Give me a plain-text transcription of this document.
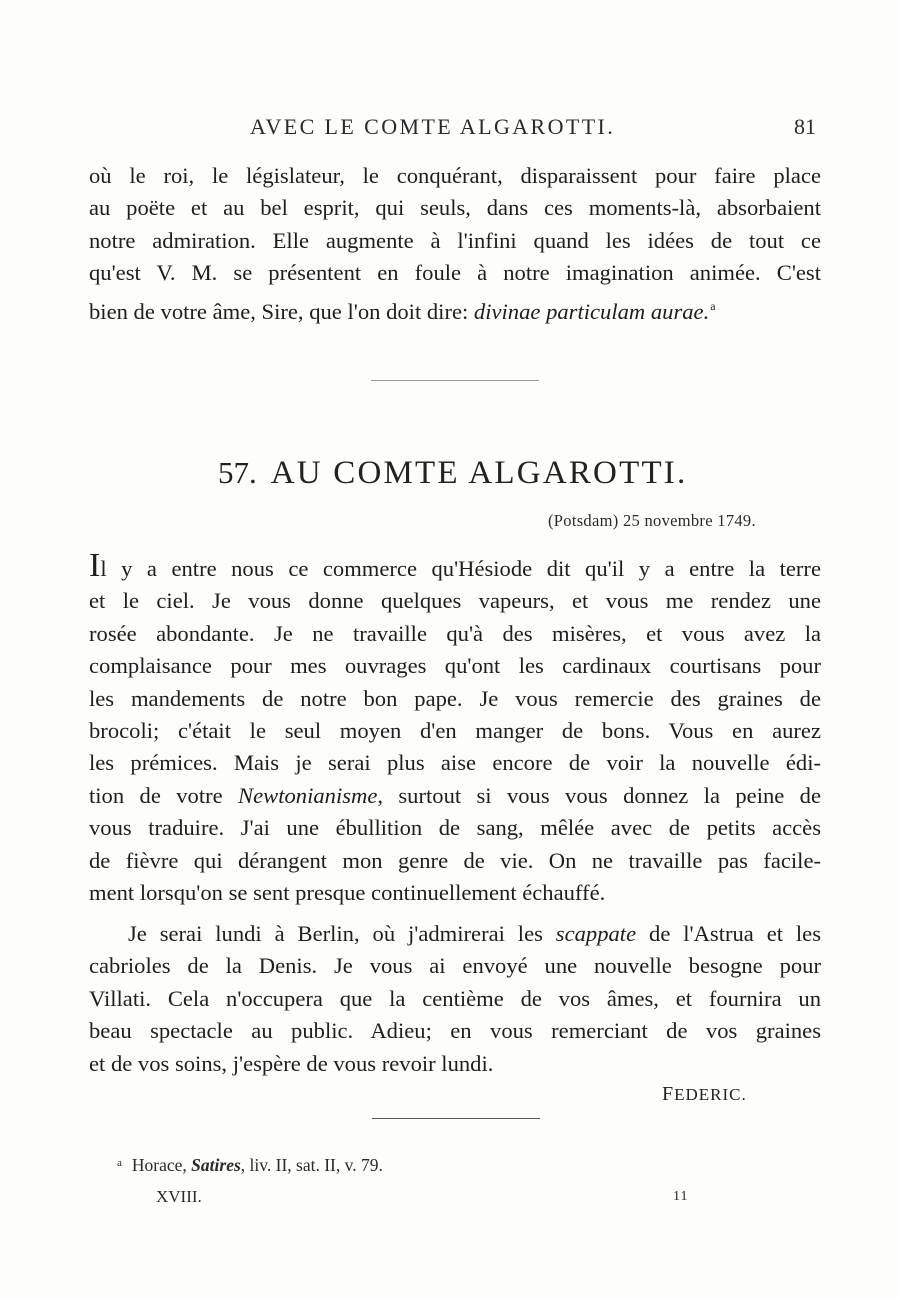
AVEC LE COMTE ALGAROTTI.	81
où le roi, le législateur, le conquérant, disparaissent pour faire place
au poëte et au bel esprit, qui seuls, dans ces moments-là, absorbaient
notre admiration. Elle augmente à l'infini quand les idées de tout ce
qu'est V. M. se présentent en foule à notre imagination animée. C'est
bien de votre âme, Sire, que l'on doit dire: divinae particulam aurae.$^a$
57. AU COMTE ALGAROTTI.
(Potsdam) 25 novembre 1749.
Il y a entre nous ce commerce qu'Hésiode dit qu'il y a entre la terre
et le ciel. Je vous donne quelques vapeurs, et vous me rendez une
rosée abondante. Je ne travaille qu'à des misères, et vous avez la
complaisance pour mes ouvrages qu'ont les cardinaux courtisans pour
les mandements de notre bon pape. Je vous remercie des graines de
brocoli; c'était le seul moyen d'en manger de bons. Vous en aurez
les prémices. Mais je serai plus aise encore de voir la nouvelle édi-
tion de votre Newtonianisme, surtout si vous vous donnez la peine de
vous traduire. J'ai une ébullition de sang, mêlée avec de petits accès
de fièvre qui dérangent mon genre de vie. On ne travaille pas facile-
ment lorsqu'on se sent presque continuellement échauffé.
Je serai lundi à Berlin, où j'admirerai les scappate de l'Astrua et les
cabrioles de la Denis. Je vous ai envoyé une nouvelle besogne pour
Villati. Cela n'occupera que la centième de vos âmes, et fournira un
beau spectacle au public. Adieu; en vous remerciant de vos graines
et de vos soins, j'espère de vous revoir lundi.
FEDERIC.
$^a$ Horace, Satires, liv. II, sat. II, v. 79.
XVIII.	11
